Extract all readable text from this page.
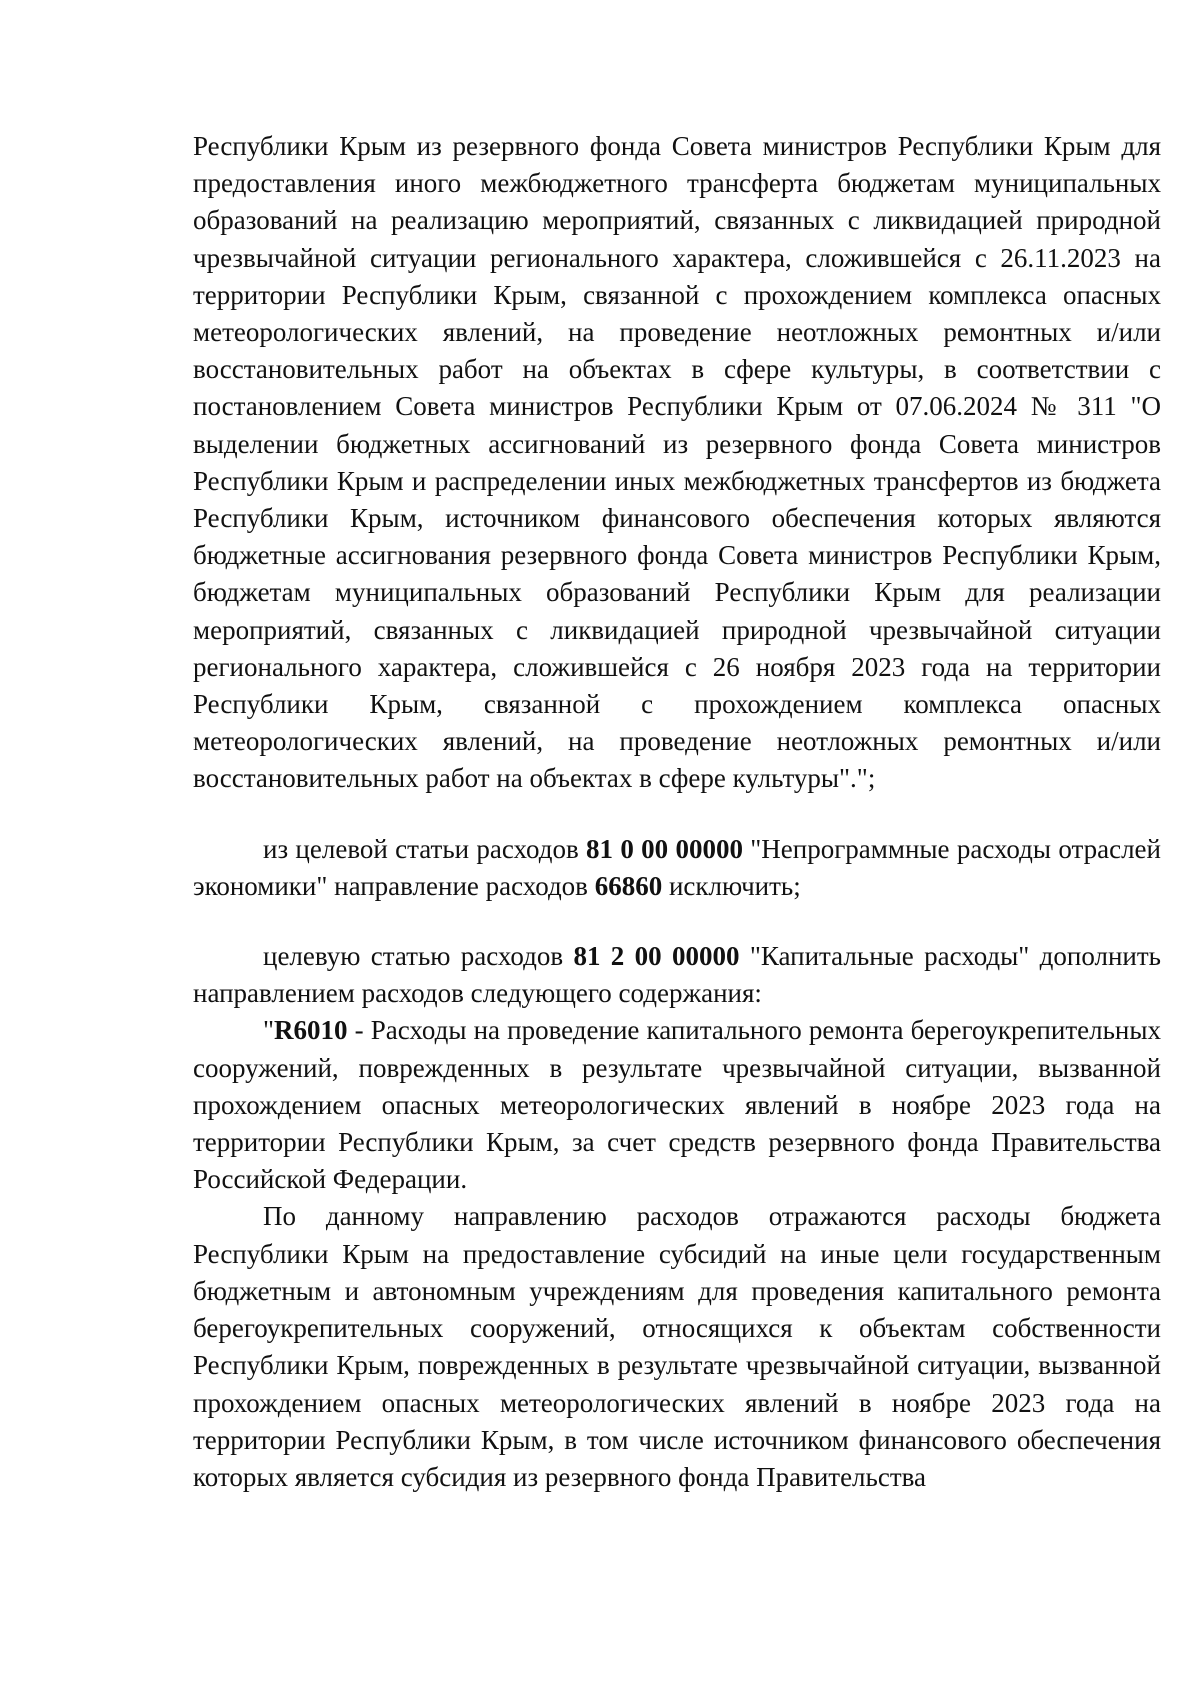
Республики Крым из резервного фонда Совета министров Республики Крым для предоставления иного межбюджетного трансферта бюджетам муниципальных образований на реализацию мероприятий, связанных с ликвидацией природной чрезвычайной ситуации регионального характера, сложившейся с 26.11.2023 на территории Республики Крым, связанной с прохождением комплекса опасных метеорологических явлений, на проведение неотложных ремонтных и/или восстановительных работ на объектах в сфере культуры, в соответствии с постановлением Совета министров Республики Крым от 07.06.2024 № 311 "О выделении бюджетных ассигнований из резервного фонда Совета министров Республики Крым и распределении иных межбюджетных трансфертов из бюджета Республики Крым, источником финансового обеспечения которых являются бюджетные ассигнования резервного фонда Совета министров Республики Крым, бюджетам муниципальных образований Республики Крым для реализации мероприятий, связанных с ликвидацией природной чрезвычайной ситуации регионального характера, сложившейся с 26 ноября 2023 года на территории Республики Крым, связанной с прохождением комплекса опасных метеорологических явлений, на проведение неотложных ремонтных и/или восстановительных работ на объектах в сфере культуры".";

из целевой статьи расходов 81 0 00 00000 "Непрограммные расходы отраслей экономики" направление расходов 66860 исключить;

целевую статью расходов 81 2 00 00000 "Капитальные расходы" дополнить направлением расходов следующего содержания:

"R6010 - Расходы на проведение капитального ремонта берегоукрепительных сооружений, поврежденных в результате чрезвычайной ситуации, вызванной прохождением опасных метеорологических явлений в ноябре 2023 года на территории Республики Крым, за счет средств резервного фонда Правительства Российской Федерации.

По данному направлению расходов отражаются расходы бюджета Республики Крым на предоставление субсидий на иные цели государственным бюджетным и автономным учреждениям для проведения капитального ремонта берегоукрепительных сооружений, относящихся к объектам собственности Республики Крым, поврежденных в результате чрезвычайной ситуации, вызванной прохождением опасных метеорологических явлений в ноябре 2023 года на территории Республики Крым, в том числе источником финансового обеспечения которых является субсидия из резервного фонда Правительства
